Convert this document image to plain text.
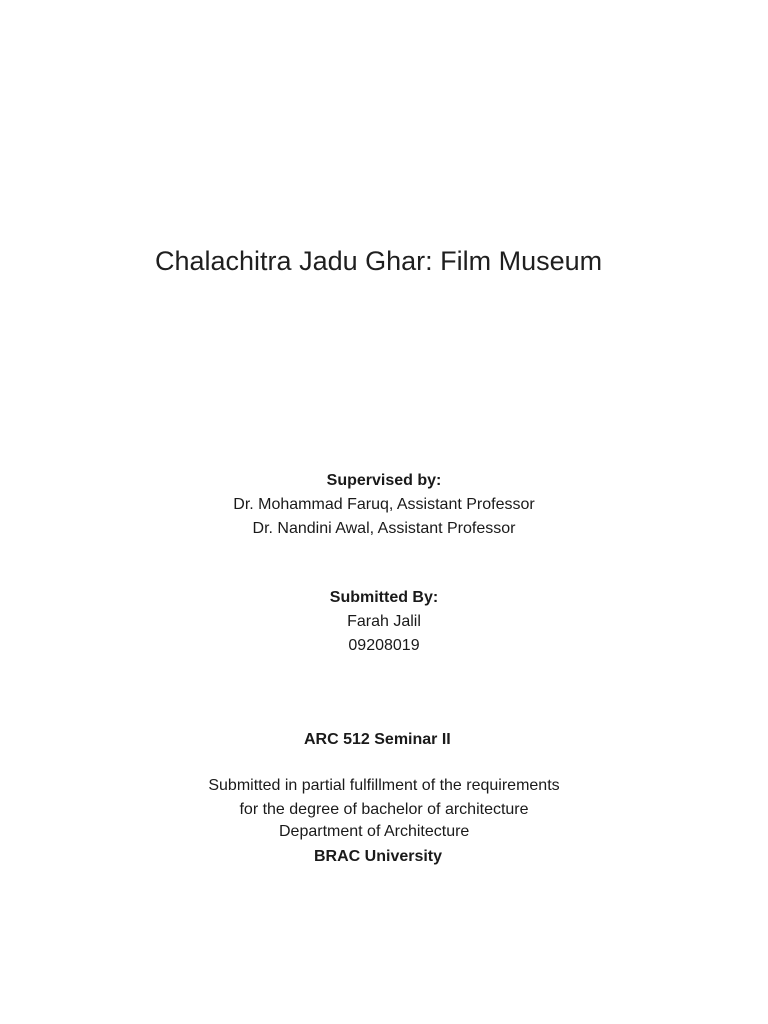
Chalachitra Jadu Ghar: Film Museum
Supervised by:
Dr. Mohammad Faruq, Assistant Professor
Dr. Nandini Awal, Assistant Professor
Submitted By:
Farah Jalil
09208019
ARC 512 Seminar II
Submitted in partial fulfillment of the requirements
for the degree of bachelor of architecture
Department of Architecture
BRAC University
